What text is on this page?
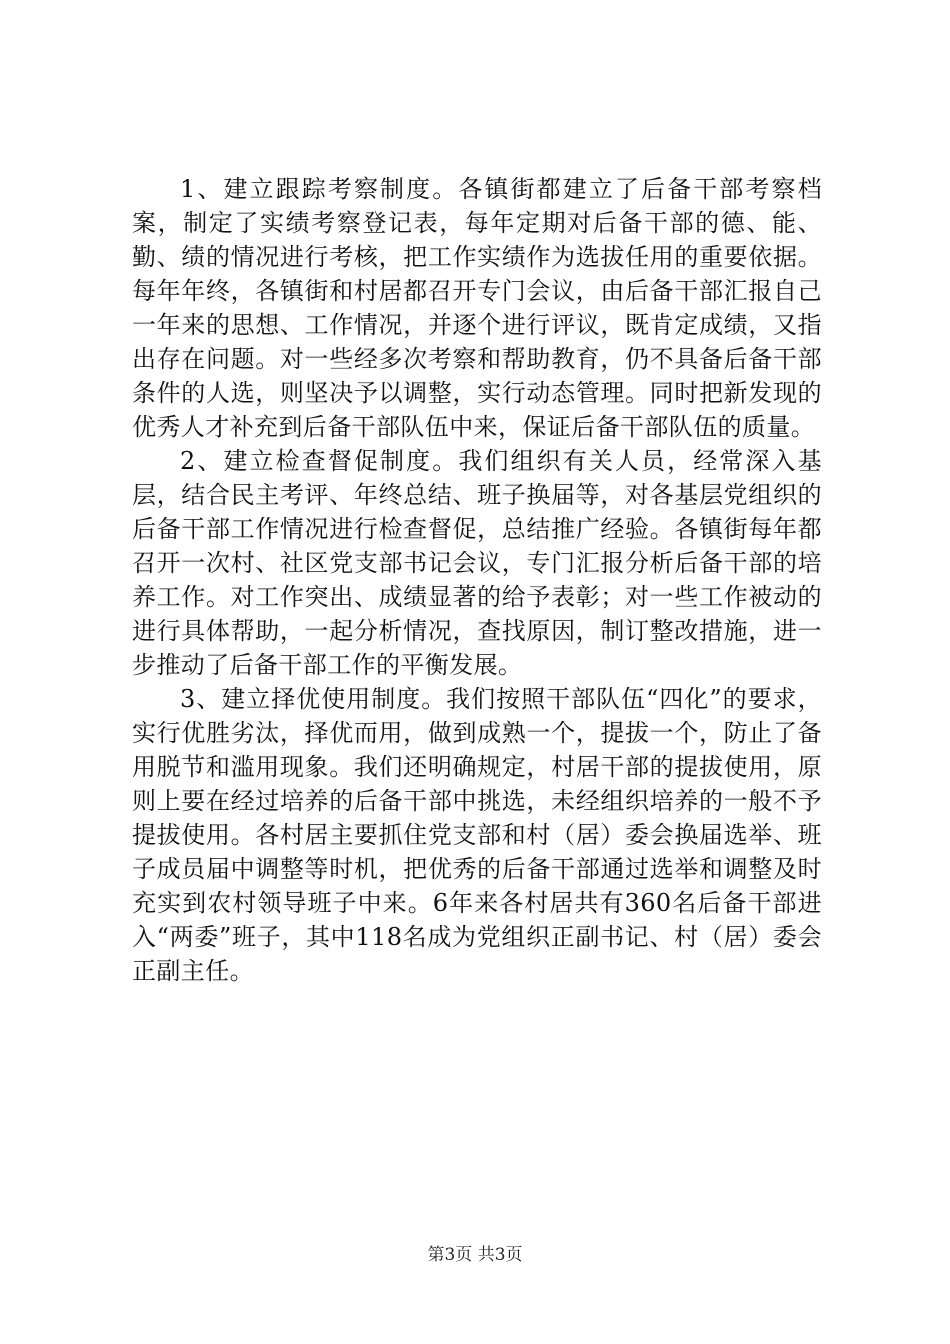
1、建立跟踪考察制度。各镇街都建立了后备干部考察档案，制定了实绩考察登记表，每年定期对后备干部的德、能、勤、绩的情况进行考核，把工作实绩作为选拔任用的重要依据。每年年终，各镇街和村居都召开专门会议，由后备干部汇报自己一年来的思想、工作情况，并逐个进行评议，既肯定成绩，又指出存在问题。对一些经多次考察和帮助教育，仍不具备后备干部条件的人选，则坚决予以调整，实行动态管理。同时把新发现的优秀人才补充到后备干部队伍中来，保证后备干部队伍的质量。

2、建立检查督促制度。我们组织有关人员，经常深入基层，结合民主考评、年终总结、班子换届等，对各基层党组织的后备干部工作情况进行检查督促，总结推广经验。各镇街每年都召开一次村、社区党支部书记会议，专门汇报分析后备干部的培养工作。对工作突出、成绩显著的给予表彰；对一些工作被动的进行具体帮助，一起分析情况，查找原因，制订整改措施，进一步推动了后备干部工作的平衡发展。

3、建立择优使用制度。我们按照干部队伍“四化”的要求，实行优胜劣汰，择优而用，做到成熟一个，提拔一个，防止了备用脱节和滥用现象。我们还明确规定，村居干部的提拔使用，原则上要在经过培养的后备干部中挑选，未经组织培养的一般不予提拔使用。各村居主要抓住党支部和村（居）委会换届选举、班子成员届中调整等时机，把优秀的后备干部通过选举和调整及时充实到农村领导班子中来。6年来各村居共有360名后备干部进入“两委”班子，其中118名成为党组织正副书记、村（居）委会正副主任。

第3页 共3页
